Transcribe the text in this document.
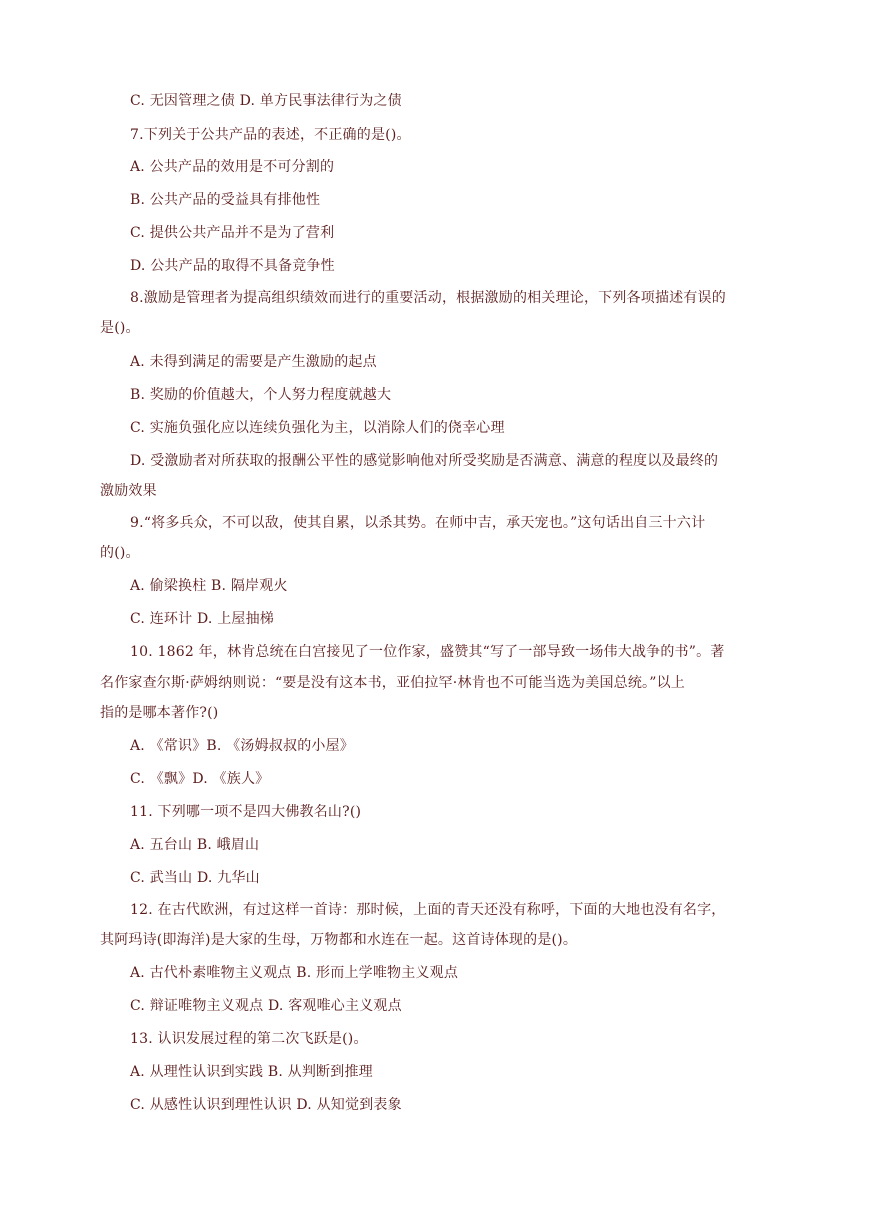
C. 无因管理之债 D. 单方民事法律行为之债
7.下列关于公共产品的表述，不正确的是()。
A. 公共产品的效用是不可分割的
B. 公共产品的受益具有排他性
C. 提供公共产品并不是为了营利
D. 公共产品的取得不具备竞争性
8.激励是管理者为提高组织绩效而进行的重要活动，根据激励的相关理论，下列各项描述有误的
是()。
A. 未得到满足的需要是产生激励的起点
B. 奖励的价值越大，个人努力程度就越大
C. 实施负强化应以连续负强化为主，以消除人们的侥幸心理
D. 受激励者对所获取的报酬公平性的感觉影响他对所受奖励是否满意、满意的程度以及最终的
激励效果
9.“将多兵众，不可以敌，使其自累，以杀其势。在师中吉，承天宠也。”这句话出自三十六计
的()。
A. 偷梁换柱 B. 隔岸观火
C. 连环计 D. 上屋抽梯
10. 1862 年，林肯总统在白宫接见了一位作家，盛赞其“写了一部导致一场伟大战争的书”。著
名作家查尔斯·萨姆纳则说：“要是没有这本书，亚伯拉罕·林肯也不可能当选为美国总统。”以上
指的是哪本著作?()
A. 《常识》B. 《汤姆叔叔的小屋》
C. 《飘》D. 《族人》
11. 下列哪一项不是四大佛教名山?()
A. 五台山 B. 峨眉山
C. 武当山 D. 九华山
12. 在古代欧洲，有过这样一首诗：那时候，上面的青天还没有称呼，下面的大地也没有名字，
其阿玛诗(即海洋)是大家的生母，万物都和水连在一起。这首诗体现的是()。
A. 古代朴素唯物主义观点 B. 形而上学唯物主义观点
C. 辩证唯物主义观点 D. 客观唯心主义观点
13. 认识发展过程的第二次飞跃是()。
A. 从理性认识到实践 B. 从判断到推理
C. 从感性认识到理性认识 D. 从知觉到表象
